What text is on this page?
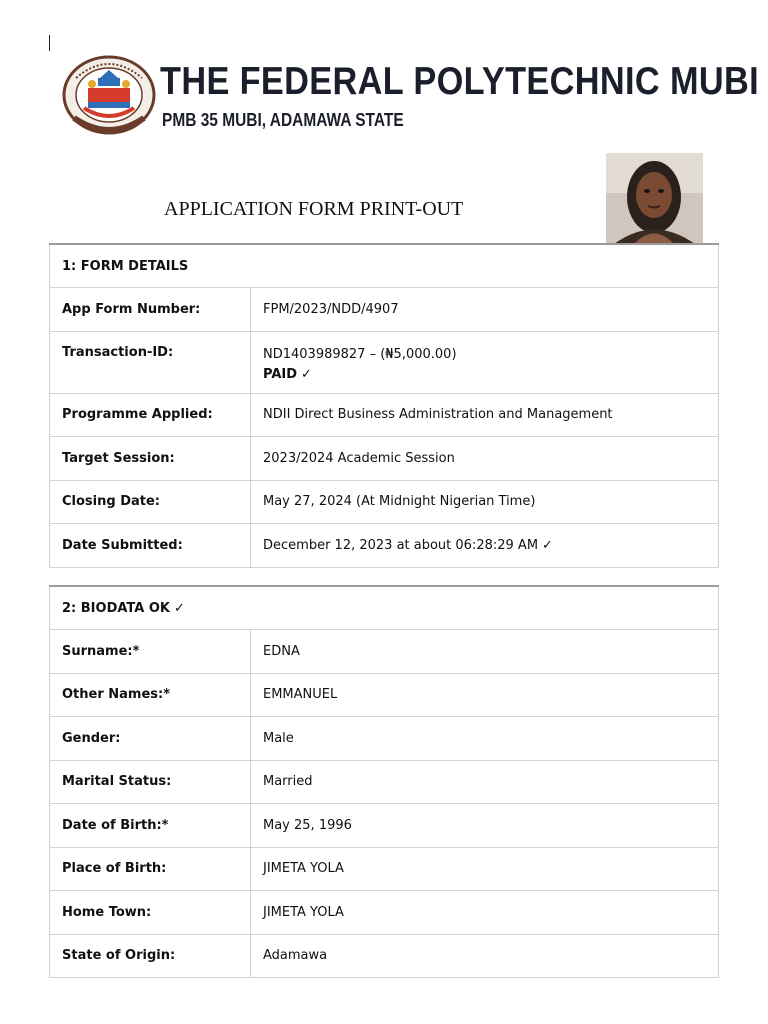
THE FEDERAL POLYTECHNIC MUBI
PMB 35 MUBI, ADAMAWA STATE
APPLICATION FORM PRINT-OUT
1: FORM DETAILS
App Form Number:	FPM/2023/NDD/4907
Transaction-ID:	ND1403989827 – (₦5,000.00)
PAID ✓
Programme Applied:	NDII Direct Business Administration and Management
Target Session:	2023/2024 Academic Session
Closing Date:	May 27, 2024 (At Midnight Nigerian Time)
Date Submitted:	December 12, 2023 at about 06:28:29 AM ✓
2: BIODATA OK ✓
Surname:*	EDNA
Other Names:*	EMMANUEL
Gender:	Male
Marital Status:	Married
Date of Birth:*	May 25, 1996
Place of Birth:	JIMETA YOLA
Home Town:	JIMETA YOLA
State of Origin:	Adamawa
